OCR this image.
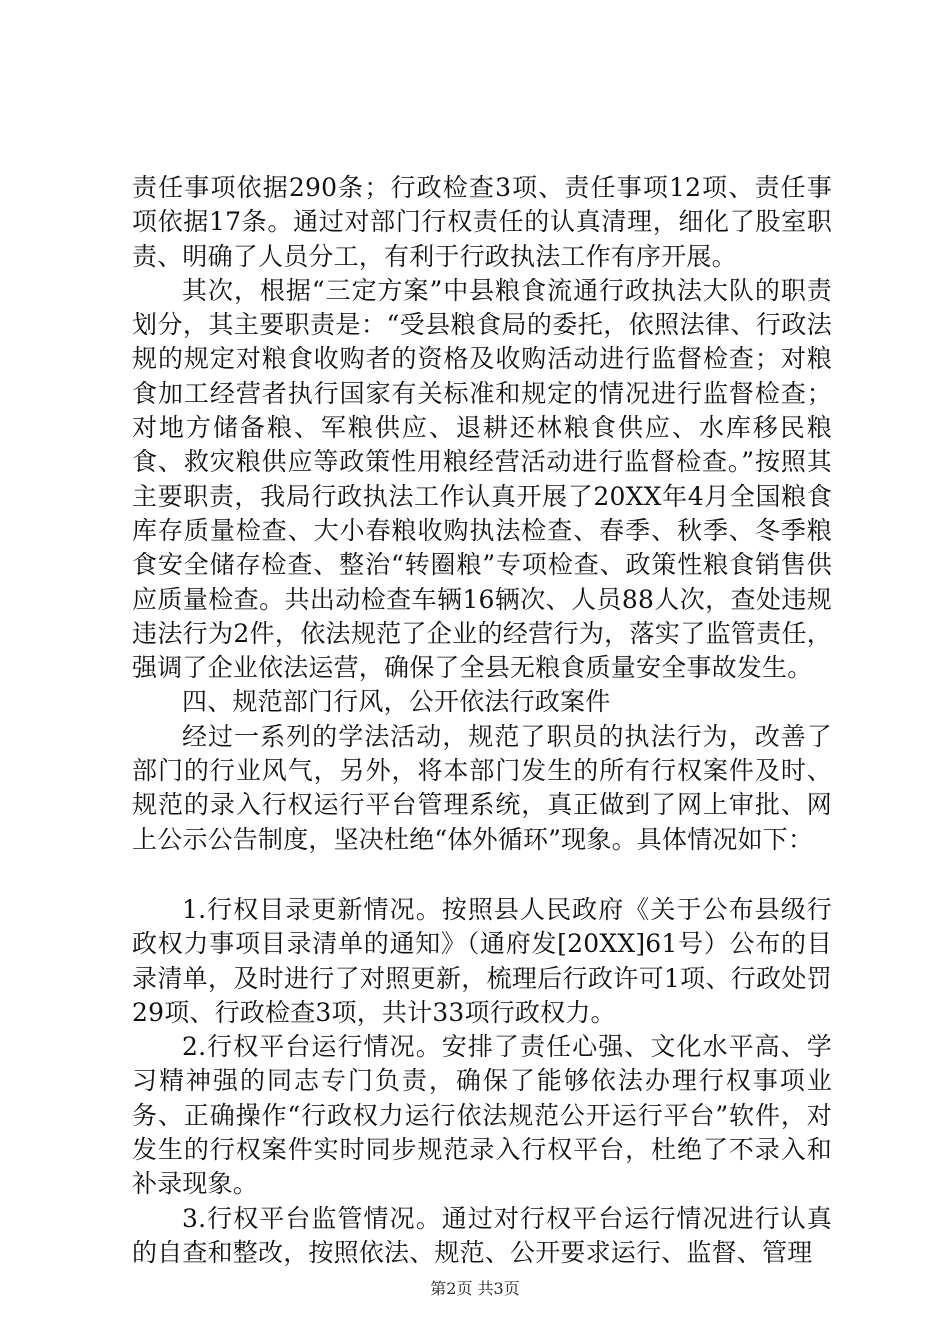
责任事项依据290条；行政检查3项、责任事项12项、责任事项依据17条。通过对部门行权责任的认真清理，细化了股室职责、明确了人员分工，有利于行政执法工作有序开展。

其次，根据“三定方案”中县粮食流通行政执法大队的职责划分，其主要职责是：“受县粮食局的委托，依照法律、行政法规的规定对粮食收购者的资格及收购活动进行监督检查；对粮食加工经营者执行国家有关标准和规定的情况进行监督检查；对地方储备粮、军粮供应、退耕还林粮食供应、水库移民粮食、救灾粮供应等政策性用粮经营活动进行监督检查。”按照其主要职责，我局行政执法工作认真开展了20XX年4月全国粮食库存质量检查、大小春粮收购执法检查、春季、秋季、冬季粮食安全储存检查、整治“转圈粮”专项检查、政策性粮食销售供应质量检查。共出动检查车辆16辆次、人员88人次，查处违规违法行为2件，依法规范了企业的经营行为，落实了监管责任，强调了企业依法运营，确保了全县无粮食质量安全事故发生。

四、规范部门行风，公开依法行政案件

经过一系列的学法活动，规范了职员的执法行为，改善了部门的行业风气，另外，将本部门发生的所有行权案件及时、规范的录入行权运行平台管理系统，真正做到了网上审批、网上公示公告制度，坚决杜绝“体外循环”现象。具体情况如下：

1.行权目录更新情况。按照县人民政府《关于公布县级行政权力事项目录清单的通知》（通府发[20XX]61号）公布的目录清单，及时进行了对照更新，梳理后行政许可1项、行政处罚29项、行政检查3项，共计33项行政权力。

2.行权平台运行情况。安排了责任心强、文化水平高、学习精神强的同志专门负责，确保了能够依法办理行权事项业务、正确操作“行政权力运行依法规范公开运行平台”软件，对发生的行权案件实时同步规范录入行权平台，杜绝了不录入和补录现象。

3.行权平台监管情况。通过对行权平台运行情况进行认真的自查和整改，按照依法、规范、公开要求运行、监督、管理

第2页 共3页
